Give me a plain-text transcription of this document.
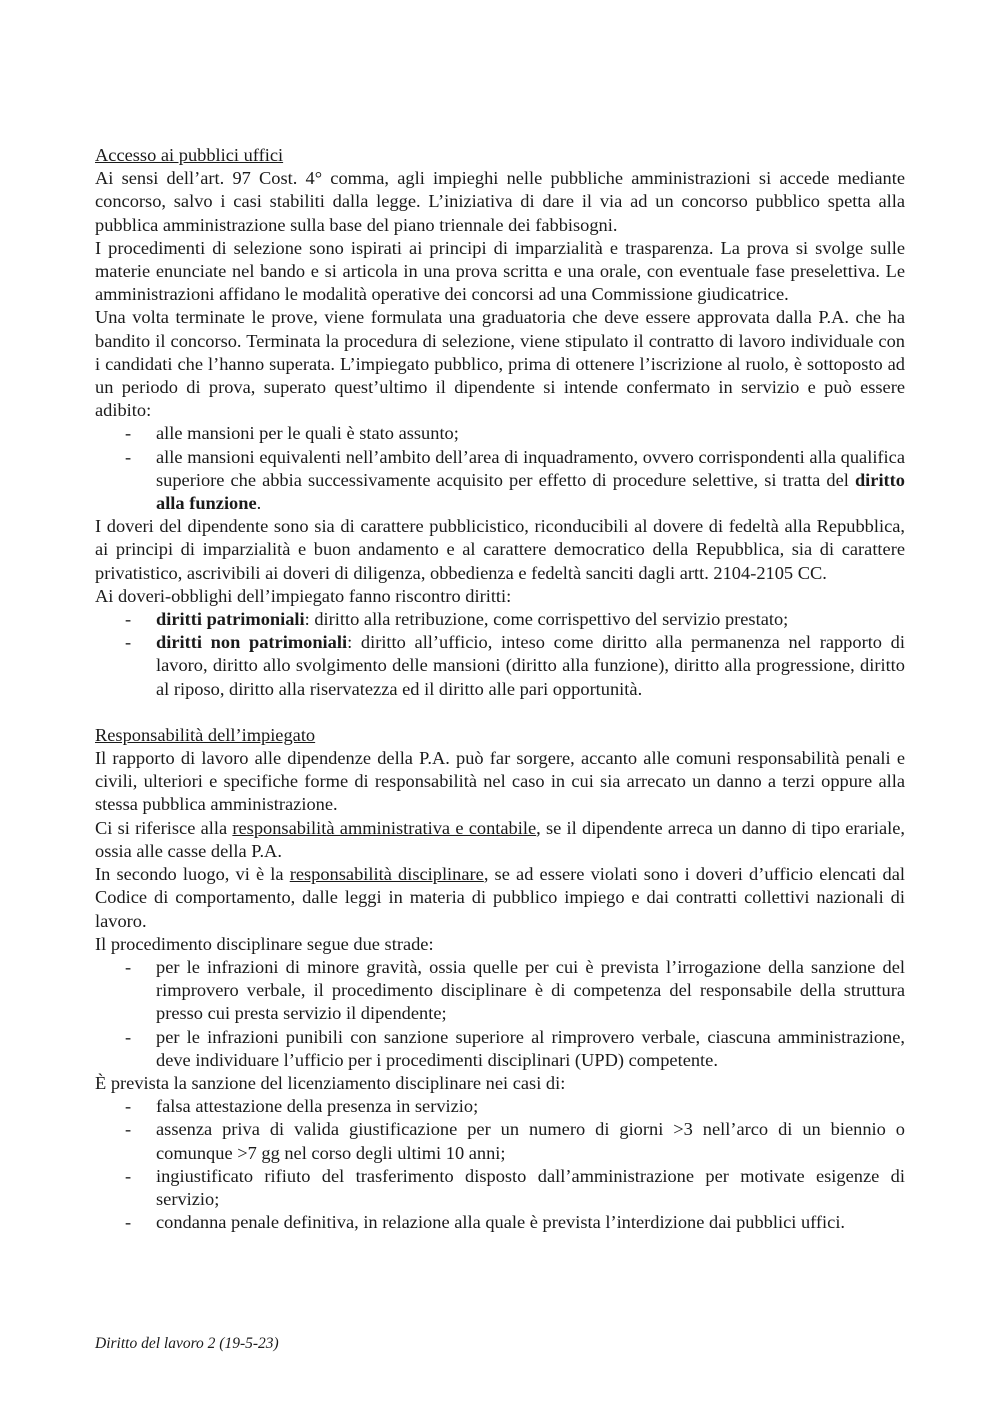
Accesso ai pubblici uffici

Ai sensi dell’art. 97 Cost. 4° comma, agli impieghi nelle pubbliche amministrazioni si accede mediante concorso, salvo i casi stabiliti dalla legge. L’iniziativa di dare il via ad un concorso pubblico spetta alla pubblica amministrazione sulla base del piano triennale dei fabbisogni.

I procedimenti di selezione sono ispirati ai principi di imparzialità e trasparenza. La prova si svolge sulle materie enunciate nel bando e si articola in una prova scritta e una orale, con eventuale fase preselettiva. Le amministrazioni affidano le modalità operative dei concorsi ad una Commissione giudicatrice.

Una volta terminate le prove, viene formulata una graduatoria che deve essere approvata dalla P.A. che ha bandito il concorso. Terminata la procedura di selezione, viene stipulato il contratto di lavoro individuale con i candidati che l’hanno superata. L’impiegato pubblico, prima di ottenere l’iscrizione al ruolo, è sottoposto ad un periodo di prova, superato quest’ultimo il dipendente si intende confermato in servizio e può essere adibito:

- alle mansioni per le quali è stato assunto;
- alle mansioni equivalenti nell’ambito dell’area di inquadramento, ovvero corrispondenti alla qualifica superiore che abbia successivamente acquisito per effetto di procedure selettive, si tratta del diritto alla funzione.

I doveri del dipendente sono sia di carattere pubblicistico, riconducibili al dovere di fedeltà alla Repubblica, ai principi di imparzialità e buon andamento e al carattere democratico della Repubblica, sia di carattere privatistico, ascrivibili ai doveri di diligenza, obbedienza e fedeltà sanciti dagli artt. 2104-2105 CC.

Ai doveri-obblighi dell’impiegato fanno riscontro diritti:

- diritti patrimoniali: diritto alla retribuzione, come corrispettivo del servizio prestato;
- diritti non patrimoniali: diritto all’ufficio, inteso come diritto alla permanenza nel rapporto di lavoro, diritto allo svolgimento delle mansioni (diritto alla funzione), diritto alla progressione, diritto al riposo, diritto alla riservatezza ed il diritto alle pari opportunità.
Responsabilità dell’impiegato

Il rapporto di lavoro alle dipendenze della P.A. può far sorgere, accanto alle comuni responsabilità penali e civili, ulteriori e specifiche forme di responsabilità nel caso in cui sia arrecato un danno a terzi oppure alla stessa pubblica amministrazione.

Ci si riferisce alla responsabilità amministrativa e contabile, se il dipendente arreca un danno di tipo erariale, ossia alle casse della P.A.

In secondo luogo, vi è la responsabilità disciplinare, se ad essere violati sono i doveri d’ufficio elencati dal Codice di comportamento, dalle leggi in materia di pubblico impiego e dai contratti collettivi nazionali di lavoro.

Il procedimento disciplinare segue due strade:

- per le infrazioni di minore gravità, ossia quelle per cui è prevista l’irrogazione della sanzione del rimprovero verbale, il procedimento disciplinare è di competenza del responsabile della struttura presso cui presta servizio il dipendente;
- per le infrazioni punibili con sanzione superiore al rimprovero verbale, ciascuna amministrazione, deve individuare l’ufficio per i procedimenti disciplinari (UPD) competente.

È prevista la sanzione del licenziamento disciplinare nei casi di:

- falsa attestazione della presenza in servizio;
- assenza priva di valida giustificazione per un numero di giorni >3 nell’arco di un biennio o comunque >7 gg nel corso degli ultimi 10 anni;
- ingiustificato rifiuto del trasferimento disposto dall’amministrazione per motivate esigenze di servizio;
- condanna penale definitiva, in relazione alla quale è prevista l’interdizione dai pubblici uffici.
Diritto del lavoro 2 (19-5-23)
